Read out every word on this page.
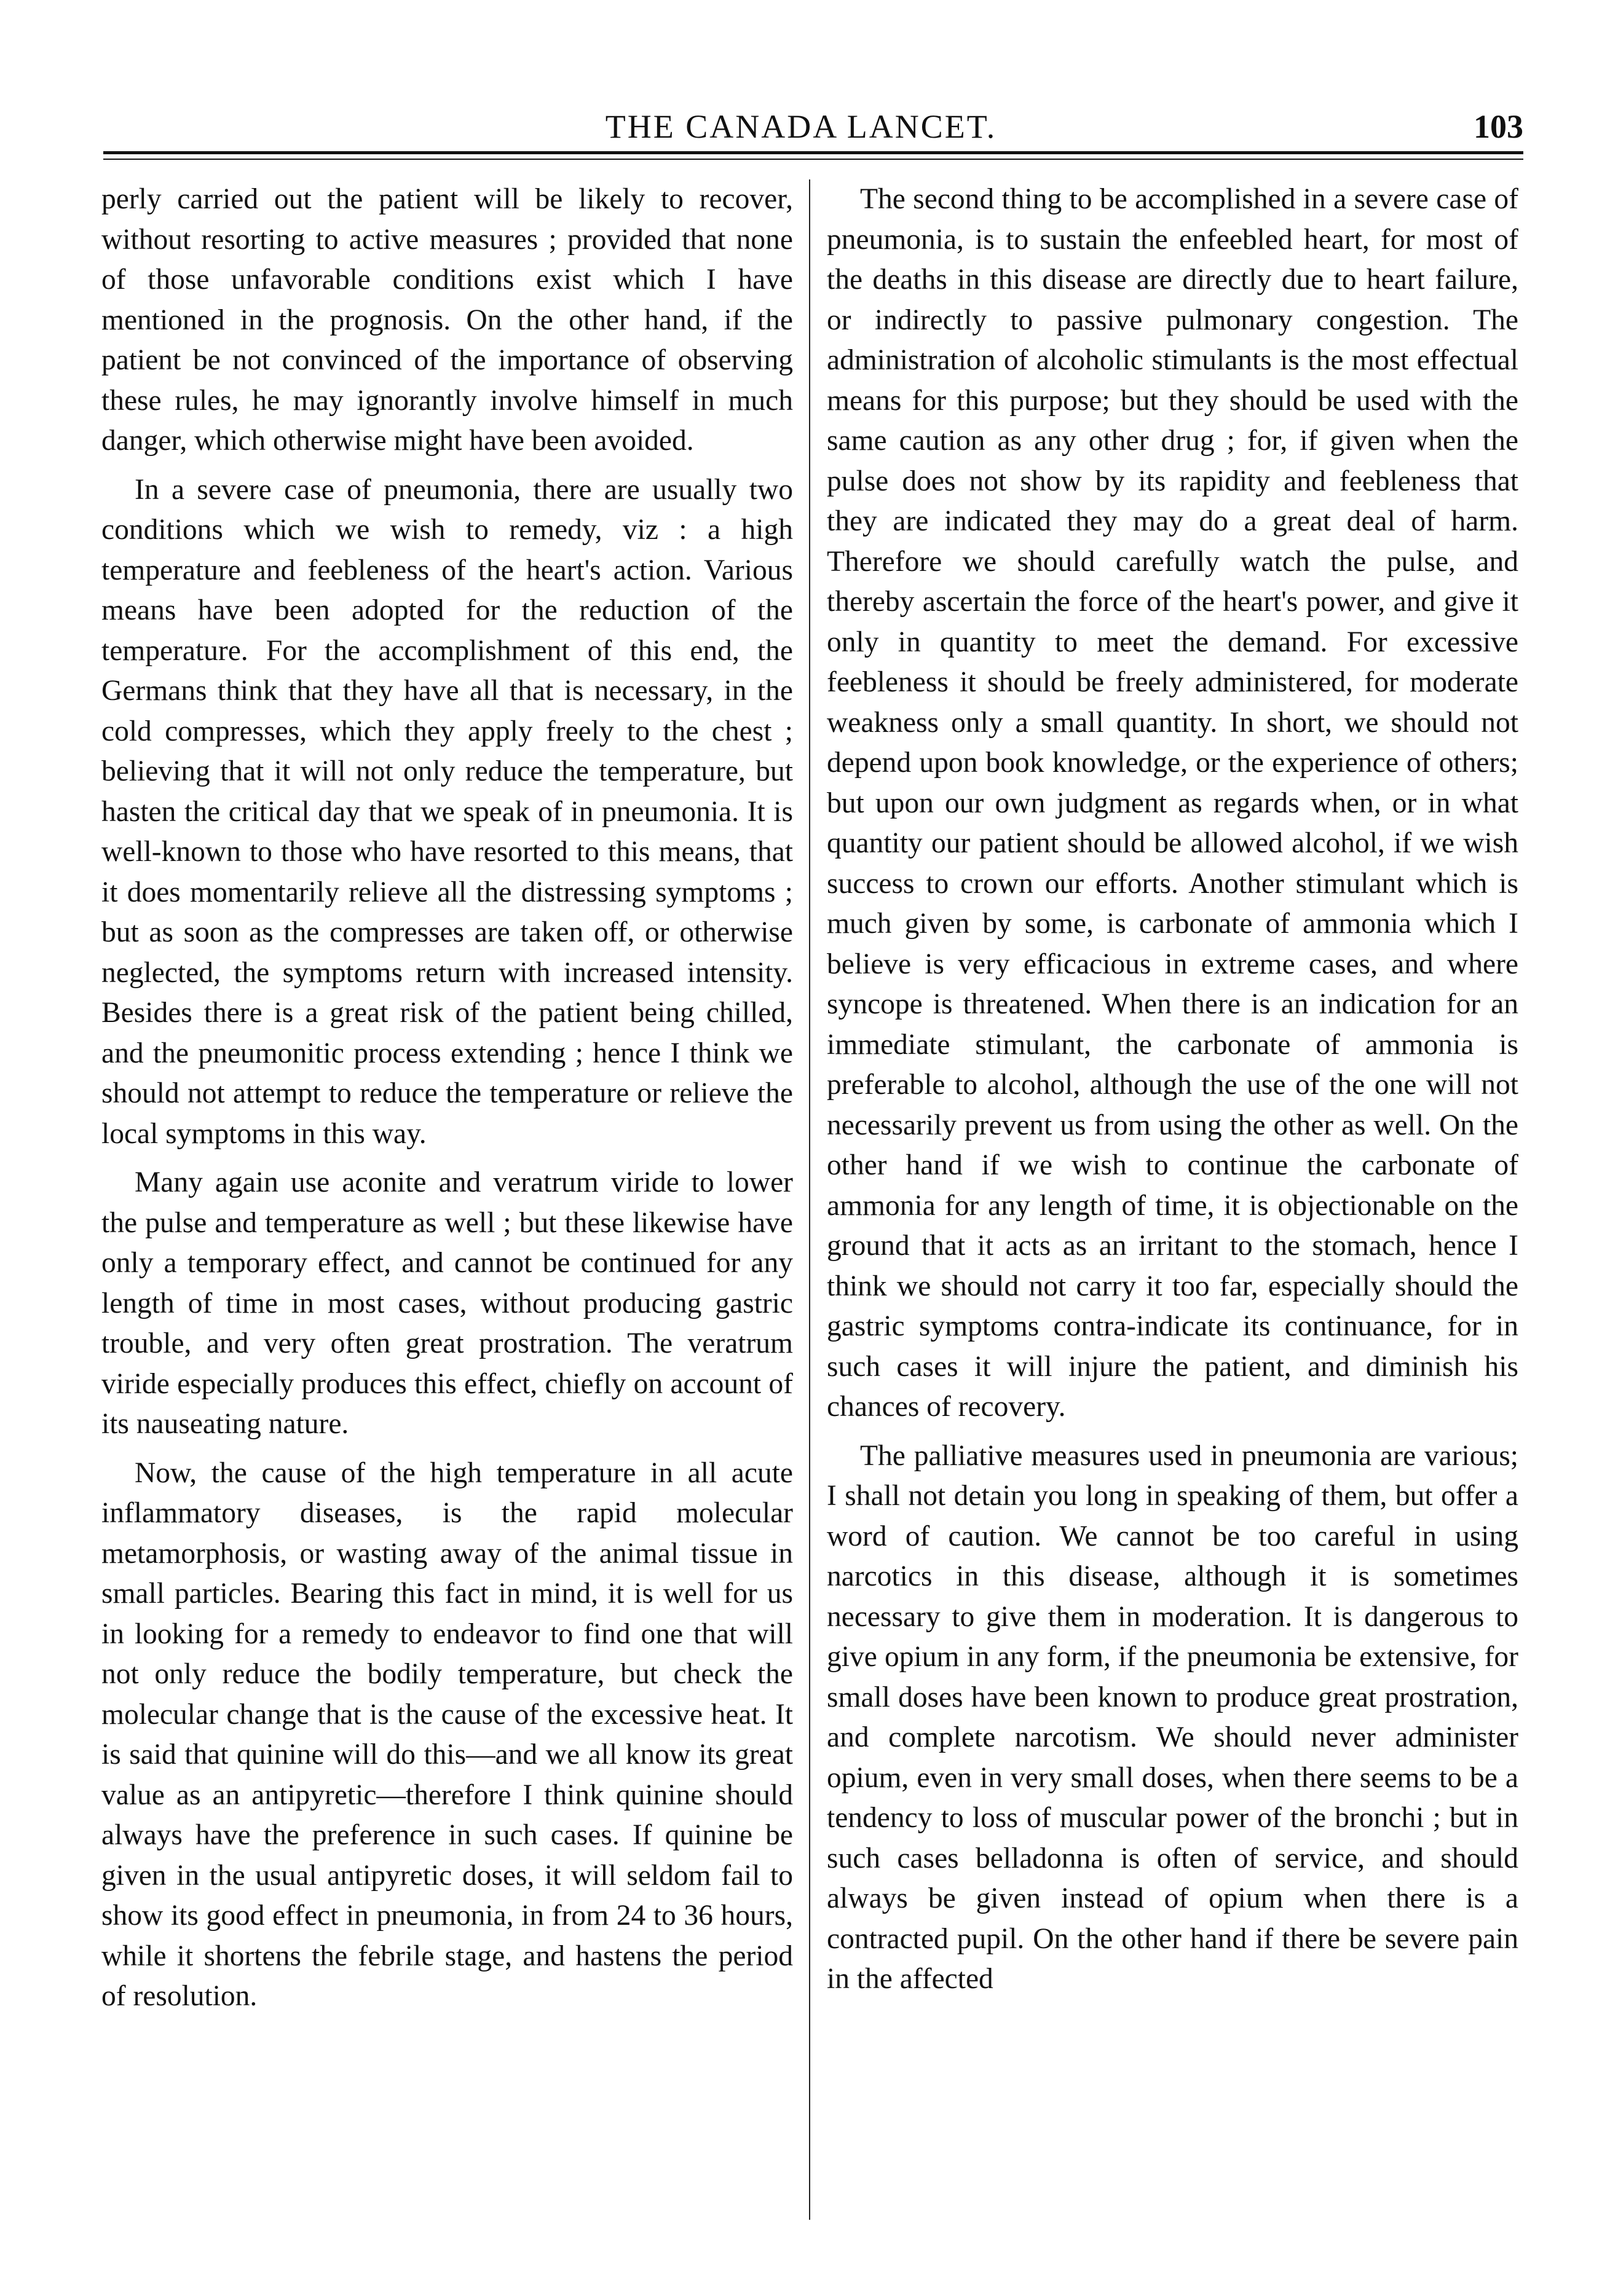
THE CANADA LANCET.	103

perly carried out the patient will be likely to recover, without resorting to active measures ; provided that none of those unfavorable conditions exist which I have mentioned in the prognosis. On the other hand, if the patient be not convinced of the importance of observing these rules, he may ignorantly involve himself in much danger, which otherwise might have been avoided.

In a severe case of pneumonia, there are usually two conditions which we wish to remedy, viz : a high temperature and feebleness of the heart's action. Various means have been adopted for the reduction of the temperature. For the accomplishment of this end, the Germans think that they have all that is necessary, in the cold compresses, which they apply freely to the chest ; believing that it will not only reduce the temperature, but hasten the critical day that we speak of in pneumonia. It is well-known to those who have resorted to this means, that it does momentarily relieve all the distressing symptoms ; but as soon as the compresses are taken off, or otherwise neglected, the symptoms return with increased intensity. Besides there is a great risk of the patient being chilled, and the pneumonitic process extending ; hence I think we should not attempt to reduce the temperature or relieve the local symptoms in this way.

Many again use aconite and veratrum viride to lower the pulse and temperature as well ; but these likewise have only a temporary effect, and cannot be continued for any length of time in most cases, without producing gastric trouble, and very often great prostration. The veratrum viride especially produces this effect, chiefly on account of its nauseating nature.

Now, the cause of the high temperature in all acute inflammatory diseases, is the rapid molecular metamorphosis, or wasting away of the animal tissue in small particles. Bearing this fact in mind, it is well for us in looking for a remedy to endeavor to find one that will not only reduce the bodily temperature, but check the molecular change that is the cause of the excessive heat. It is said that quinine will do this—and we all know its great value as an antipyretic—therefore I think quinine should always have the preference in such cases. If quinine be given in the usual antipyretic doses, it will seldom fail to show its good effect in pneumonia, in from 24 to 36 hours, while it shortens the febrile stage, and hastens the period of resolution.

The second thing to be accomplished in a severe case of pneumonia, is to sustain the enfeebled heart, for most of the deaths in this disease are directly due to heart failure, or indirectly to passive pulmonary congestion. The administration of alcoholic stimulants is the most effectual means for this purpose; but they should be used with the same caution as any other drug ; for, if given when the pulse does not show by its rapidity and feebleness that they are indicated they may do a great deal of harm. Therefore we should carefully watch the pulse, and thereby ascertain the force of the heart's power, and give it only in quantity to meet the demand. For excessive feebleness it should be freely administered, for moderate weakness only a small quantity. In short, we should not depend upon book knowledge, or the experience of others; but upon our own judgment as regards when, or in what quantity our patient should be allowed alcohol, if we wish success to crown our efforts. Another stimulant which is much given by some, is carbonate of ammonia which I believe is very efficacious in extreme cases, and where syncope is threatened. When there is an indication for an immediate stimulant, the carbonate of ammonia is preferable to alcohol, although the use of the one will not necessarily prevent us from using the other as well. On the other hand if we wish to continue the carbonate of ammonia for any length of time, it is objectionable on the ground that it acts as an irritant to the stomach, hence I think we should not carry it too far, especially should the gastric symptoms contra-indicate its continuance, for in such cases it will injure the patient, and diminish his chances of recovery.

The palliative measures used in pneumonia are various; I shall not detain you long in speaking of them, but offer a word of caution. We cannot be too careful in using narcotics in this disease, although it is sometimes necessary to give them in moderation. It is dangerous to give opium in any form, if the pneumonia be extensive, for small doses have been known to produce great prostration, and complete narcotism. We should never administer opium, even in very small doses, when there seems to be a tendency to loss of muscular power of the bronchi ; but in such cases belladonna is often of service, and should always be given instead of opium when there is a contracted pupil. On the other hand if there be severe pain in the affected
